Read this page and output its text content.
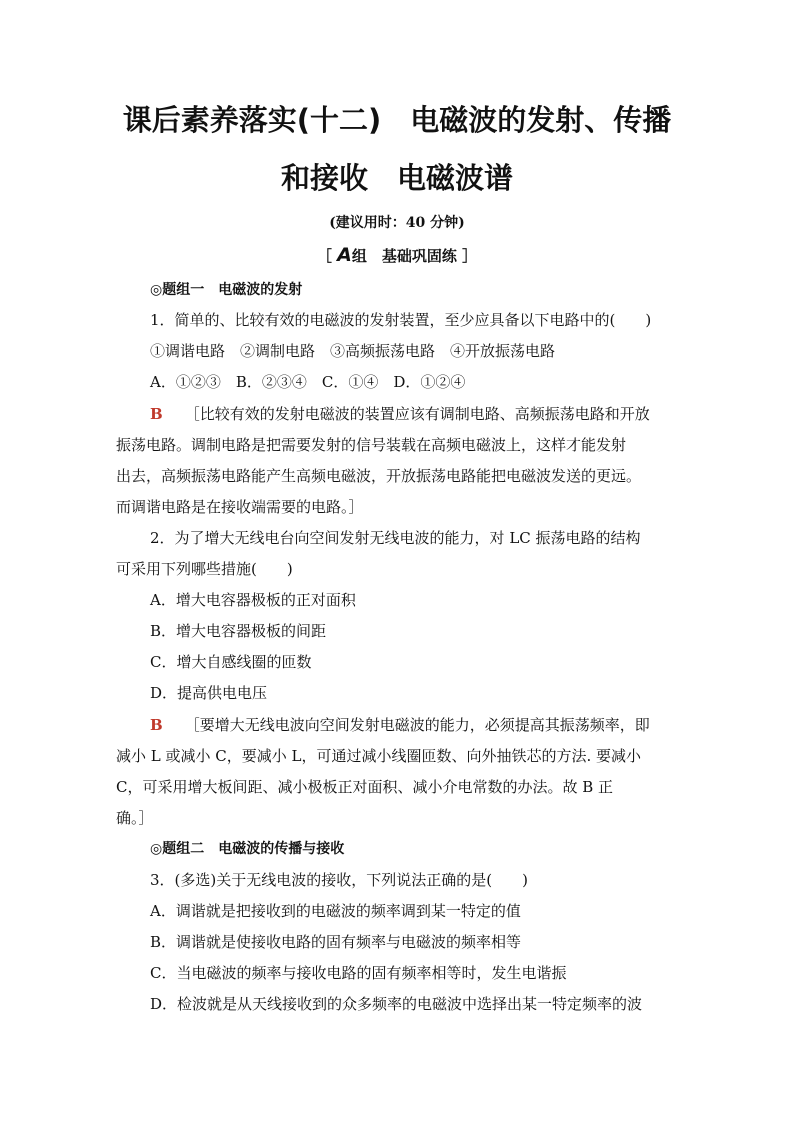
课后素养落实(十二)　电磁波的发射、传播
和接收　电磁波谱
(建议用时：40 分钟)
［ A组　基础巩固练 ］
◎题组一　电磁波的发射
1．简单的、比较有效的电磁波的发射装置，至少应具备以下电路中的(　　)
①调谐电路　②调制电路　③高频振荡电路　④开放振荡电路
A．①②③　B．②③④　C．①④　D．①②④
B ［比较有效的发射电磁波的装置应该有调制电路、高频振荡电路和开放
振荡电路。调制电路是把需要发射的信号装载在高频电磁波上，这样才能发射
出去，高频振荡电路能产生高频电磁波，开放振荡电路能把电磁波发送的更远。
而调谐电路是在接收端需要的电路。］
2．为了增大无线电台向空间发射无线电波的能力，对 LC 振荡电路的结构
可采用下列哪些措施(　　)
A．增大电容器极板的正对面积
B．增大电容器极板的间距
C．增大自感线圈的匝数
D．提高供电电压
B ［要增大无线电波向空间发射电磁波的能力，必须提高其振荡频率，即
减小 L 或减小 C，要减小 L，可通过减小线圈匝数、向外抽铁芯的方法. 要减小
C，可采用增大板间距、减小极板正对面积、减小介电常数的办法。故 B 正
确。］
◎题组二　电磁波的传播与接收
3．(多选)关于无线电波的接收，下列说法正确的是(　　)
A．调谐就是把接收到的电磁波的频率调到某一特定的值
B．调谐就是使接收电路的固有频率与电磁波的频率相等
C．当电磁波的频率与接收电路的固有频率相等时，发生电谐振
D．检波就是从天线接收到的众多频率的电磁波中选择出某一特定频率的波
